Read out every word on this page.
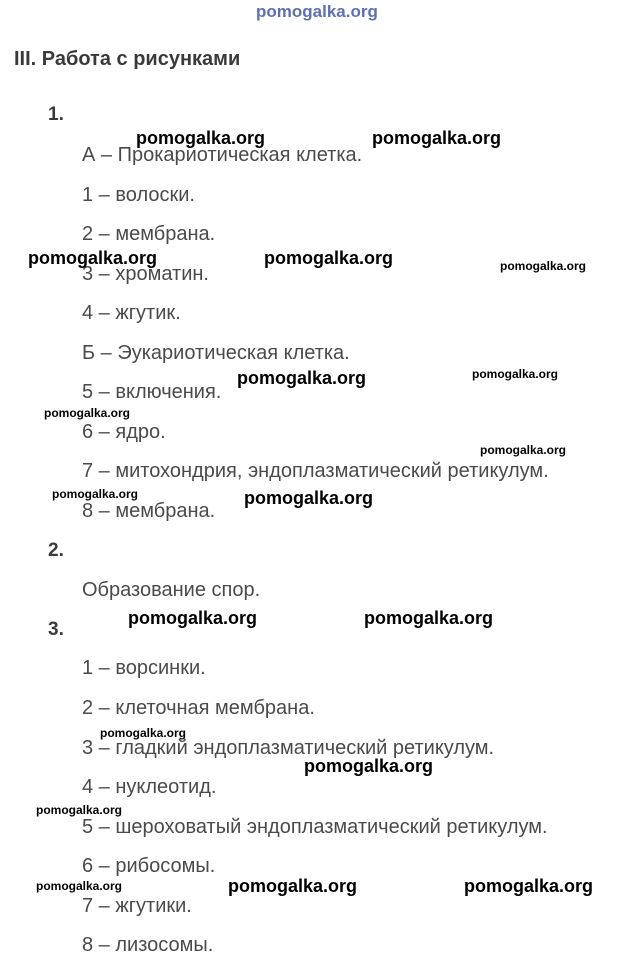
pomogalka.org
III. Работа с рисунками
1.
А – Прокариотическая клетка.
1 – волоски.
2 – мембрана.
3 – хроматин.
4 – жгутик.
Б – Эукариотическая клетка.
5 – включения.
6 – ядро.
7 – митохондрия, эндоплазматический ретикулум.
8 – мембрана.
2.
Образование спор.
3.
1 – ворсинки.
2 – клеточная мембрана.
3 – гладкий эндоплазматический ретикулум.
4 – нуклеотид.
5 – шероховатый эндоплазматический ретикулум.
6 – рибосомы.
7 – жгутики.
8 – лизосомы.
pomogalka.org	pomogalka.org
pomogalka.org	pomogalka.org	pomogalka.org
pomogalka.org	pomogalka.org
pomogalka.org
pomogalka.org
pomogalka.org	pomogalka.org
pomogalka.org	pomogalka.org
pomogalka.org
pomogalka.org
pomogalka.org
pomogalka.org	pomogalka.org	pomogalka.org
